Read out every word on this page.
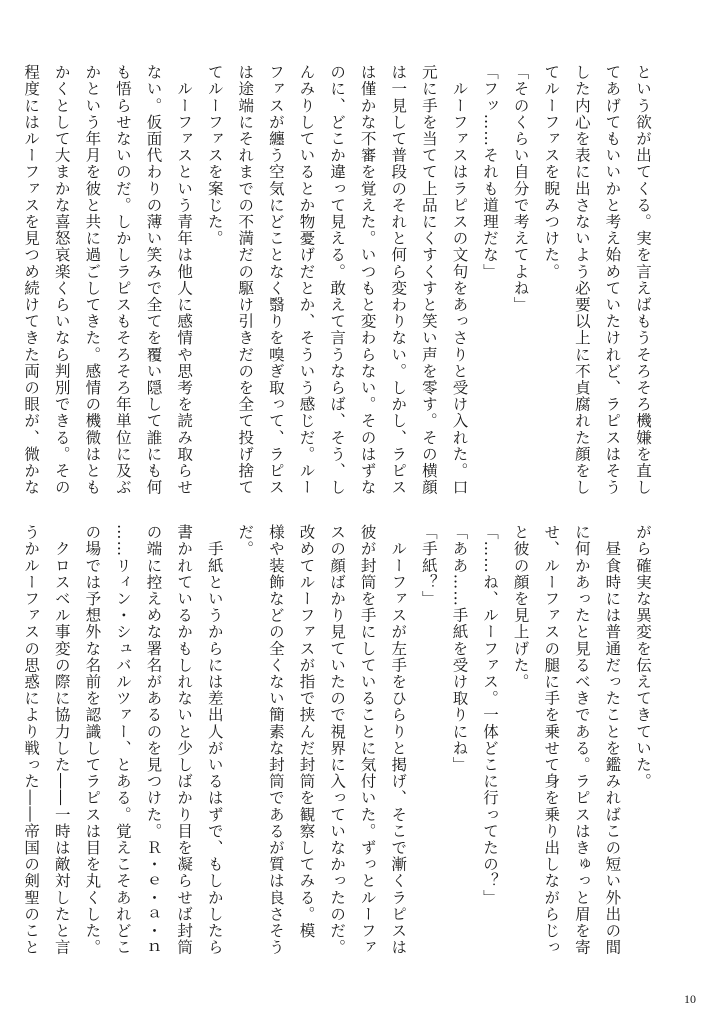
という欲が出てくる。実を言えばもうそろそろ機嫌を直し
てあげてもいいかと考え始めていたけれど、ラピスはそう
した内心を表に出さないよう必要以上に不貞腐れた顔をし
てルーファスを睨みつけた。
「そのくらい自分で考えてよね」
「フッ……それも道理だな」
　ルーファスはラピスの文句をあっさりと受け入れた。口
元に手を当てて上品にくすくすと笑い声を零す。その横顔
は一見して普段のそれと何ら変わりない。しかし、ラピス
は僅かな不審を覚えた。いつもと変わらない。そのはずな
のに、どこか違って見える。敢えて言うならば、そう、し
んみりしているとか物憂げだとか、そういう感じだ。ルー
ファスが纏う空気にどことなく翳りを嗅ぎ取って、ラピス
は途端にそれまでの不満だの駆け引きだのを全て投げ捨て
てルーファスを案じた。
　ルーファスという青年は他人に感情や思考を読み取らせ
ない。仮面代わりの薄い笑みで全てを覆い隠して誰にも何
も悟らせないのだ。しかしラピスもそろそろ年単位に及ぶ
かという年月を彼と共に過ごしてきた。感情の機微はとも
かくとして大まかな喜怒哀楽くらいなら判別できる。その
程度にはルーファスを見つめ続けてきた両の眼が、微かな
がら確実な異変を伝えてきていた。
　昼食時には普通だったことを鑑みればこの短い外出の間
に何かあったと見るべきである。ラピスはきゅっと眉を寄
せ、ルーファスの腿に手を乗せて身を乗り出しながらじっ
と彼の顔を見上げた。
「……ね、ルーファス。一体どこに行ってたの？」
「ああ……手紙を受け取りにね」
「手紙？」
　ルーファスが左手をひらりと掲げ、そこで漸くラピスは
彼が封筒を手にしていることに気付いた。ずっとルーファ
スの顔ばかり見ていたので視界に入っていなかったのだ。
改めてルーファスが指で挟んだ封筒を観察してみる。模
様や装飾などの全くない簡素な封筒であるが質は良さそう
だ。
　手紙というからには差出人がいるはずで、もしかしたら
書かれているかもしれないと少しばかり目を凝らせば封筒
の端に控えめな署名があるのを見つけた。Ｒ・ｅ・ａ・ｎ
……リィン・シュバルツァー、とある。覚えこそあれどこ
の場では予想外な名前を認識してラピスは目を丸くした。
　クロスベル事変の際に協力した――一時は敵対したと言
うかルーファスの思惑により戦った――帝国の剣聖のこと
10
